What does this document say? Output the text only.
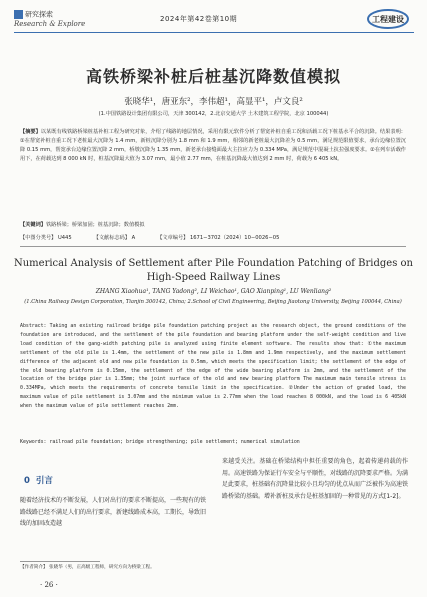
研究探索
Research & Explore
2024年第42卷第10期	工程建设
高铁桥梁补桩后桩基沉降数值模拟
张晓华¹，唐亚东²，李伟超¹，高显平¹，卢文良²
(1.中国铁路设计集团有限公司，天津 300142，2.北京交通大学 土木建筑工程学院，北京 100044)
【摘要】以某既有线铁路桥梁桩基补桩工程为研究对象，介绍了线路的地层情况，采用有限元软件分析了帮宽补桩自重工况和活载工况下桩基水平合的沉降。结果表明：①在帮宽补桩自重工况下老桩最大沉降为 1.4 mm，新桩沉降分别为 1.8 mm 和 1.9 mm，相邻的新老桩最大沉降差为 0.5 mm，满足规范限值要求，承台边缘位置沉降 0.15 mm，帮宽承台边缘位置沉降 2 mm，桥墩沉降为 1.35 mm，新老承台接缝面最大主拉应力为 0.334 MPa，满足规范中混凝土抗拉强度要求。②在列车活载作用下，在荷载达到 8 000 kN 时，桩基沉降最大值为 3.07 mm，最小值 2.77 mm，在桩基沉降最大值达到 2 mm 时，荷载为 6 405 kN。
【关键词】铁路桥梁；桥梁加固；桩基沉降；数值模拟
【中图分类号】 U445	【文献标志码】 A	【文章编号】 1671−3702（2024）10−0026−05
Numerical Analysis of Settlement after Pile Foundation Patching of Bridges on High-Speed Railway Lines
ZHANG Xiaohua¹, TANG Yadong², LI Weichao¹, GAO Xianping¹, LU Wenliang²
(1.China Railway Design Corporation, Tianjin 300142, China; 2.School of Civil Engineering, Beijing Jiaotong University, Beijing 100044, China)
Abstract: Taking an existing railroad bridge pile foundation patching project as the research object, the ground conditions of the foundation are introduced, and the settlement of the pile foundation and bearing platform under the self-weight condition and live load condition of the gang-width patching pile is analyzed using finite element software. The results show that: ①the maximum settlement of the old pile is 1.4mm, the settlement of the new pile is 1.8mm and 1.9mm respectively, and the maximum settlement difference of the adjacent old and new pile foundation is 0.5mm, which meets the specification limit; the settlement of the edge of the old bearing platform is 0.15mm, the settlement of the edge of the wide bearing platform is 2mm, and the settlement of the location of the bridge pier is 1.35mm; the joint surface of the old and new bearing platform The maximum main tensile stress is 0.334MPa, which meets the requirements of concrete tensile limit in the specification. ②Under the action of graded load, the maximum value of pile settlement is 3.07mm and the minimum value is 2.77mm when the load reaches 8 000kN, and the load is 6 405kN when the maximum value of pile settlement reaches 2mm.
Keywords: railroad pile foundation; bridge strengthening; pile settlement; numerical simulation
0 引言
随着经济技术的不断发展，人们对出行的要求不断提高，一些现有的铁路线路已经不满足人们的出行要求，新建线路成本高，工期长，导致旧线的加固改造越
来越受关注。基础在桥梁结构中担任重要的角色，起着传递荷载的作用。高速铁路为保证行车安全与平顺性，对线路的沉降要求严格。为满足此要求，桩基础有沉降量比较小且均匀的优点从而广泛被作为高速铁路桥梁的基础。增补新桩及承台是桩基加固的一种常见的方式[1-2]。
【作者简介】 张晓华（男，正高级工程师，研究方向为桥梁工程。
· 26 ·
